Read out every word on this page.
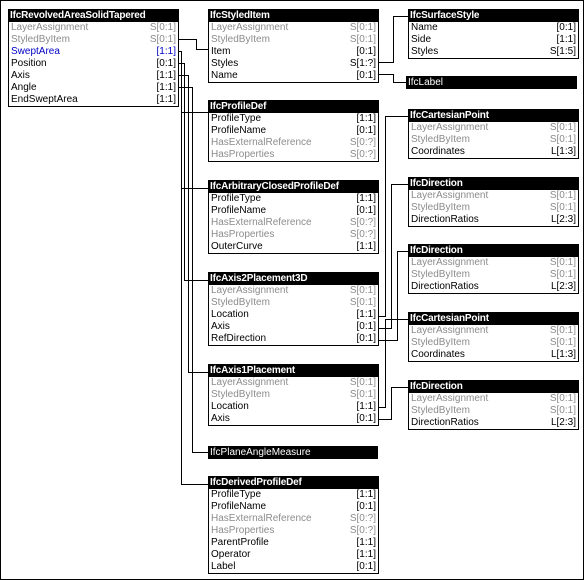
IfcRevolvedAreaSolidTapered
LayerAssignment	S[0:1]
StyledByItem	S[0:1]
SweptArea	[1:1]
Position	[0:1]
Axis	[1:1]
Angle	[1:1]
EndSweptArea	[1:1]
IfcStyledItem
LayerAssignment	S[0:1]
StyledByItem	S[0:1]
Item	[0:1]
Styles	S[1:?]
Name	[0:1]
IfcSurfaceStyle
Name	[0:1]
Side	[1:1]
Styles	S[1:5]
IfcProfileDef
ProfileType	[1:1]
ProfileName	[0:1]
HasExternalReference	S[0:?]
HasProperties	S[0:?]
IfcCartesianPoint
LayerAssignment	S[0:1]
StyledByItem	S[0:1]
Coordinates	L[1:3]
IfcArbitraryClosedProfileDef
ProfileType	[1:1]
ProfileName	[0:1]
HasExternalReference	S[0:?]
HasProperties	S[0:?]
OuterCurve	[1:1]
IfcDirection
LayerAssignment	S[0:1]
StyledByItem	S[0:1]
DirectionRatios	L[2:3]
IfcDirection
LayerAssignment	S[0:1]
StyledByItem	S[0:1]
DirectionRatios	L[2:3]
IfcAxis2Placement3D
LayerAssignment	S[0:1]
StyledByItem	S[0:1]
Location	[1:1]
Axis	[0:1]
RefDirection	[0:1]
IfcCartesianPoint
LayerAssignment	S[0:1]
StyledByItem	S[0:1]
Coordinates	L[1:3]
IfcAxis1Placement
LayerAssignment	S[0:1]
StyledByItem	S[0:1]
Location	[1:1]
Axis	[0:1]
IfcDirection
LayerAssignment	S[0:1]
StyledByItem	S[0:1]
DirectionRatios	L[2:3]
IfcDerivedProfileDef
ProfileType	[1:1]
ProfileName	[0:1]
HasExternalReference	S[0:?]
HasProperties	S[0:?]
ParentProfile	[1:1]
Operator	[1:1]
Label	[0:1]
IfcLabel
IfcPlaneAngleMeasure
